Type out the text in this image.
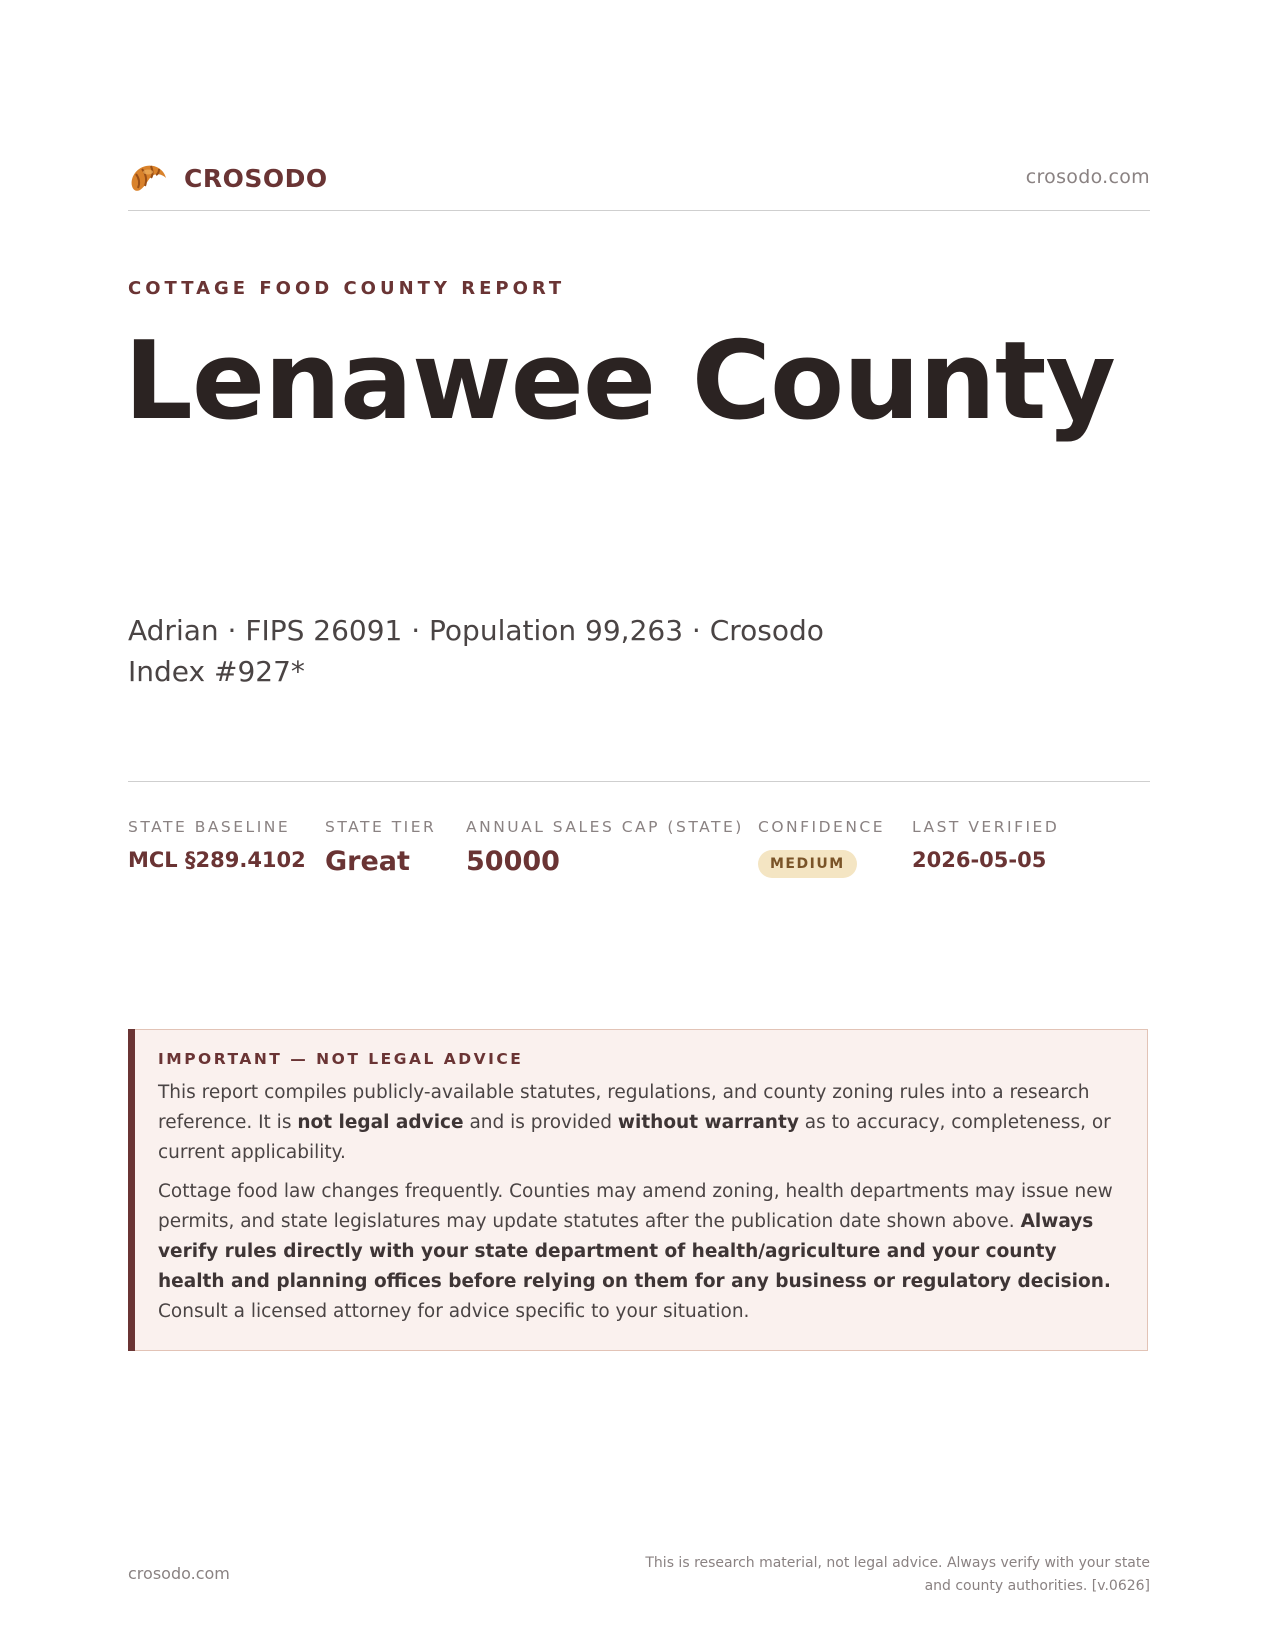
CROSODO	crosodo.com
COTTAGE FOOD COUNTY REPORT
Lenawee County
Adrian · FIPS 26091 · Population 99,263 · Crosodo Index #927*
STATE BASELINE
MCL §289.4102
STATE TIER
Great
ANNUAL SALES CAP (STATE)
50000
CONFIDENCE
MEDIUM
LAST VERIFIED
2026-05-05
IMPORTANT — NOT LEGAL ADVICE

This report compiles publicly-available statutes, regulations, and county zoning rules into a research reference. It is not legal advice and is provided without warranty as to accuracy, completeness, or current applicability.

Cottage food law changes frequently. Counties may amend zoning, health departments may issue new permits, and state legislatures may update statutes after the publication date shown above. Always verify rules directly with your state department of health/agriculture and your county health and planning offices before relying on them for any business or regulatory decision. Consult a licensed attorney for advice specific to your situation.

crosodo.com
This is research material, not legal advice. Always verify with your state and county authorities. [v.0626]
